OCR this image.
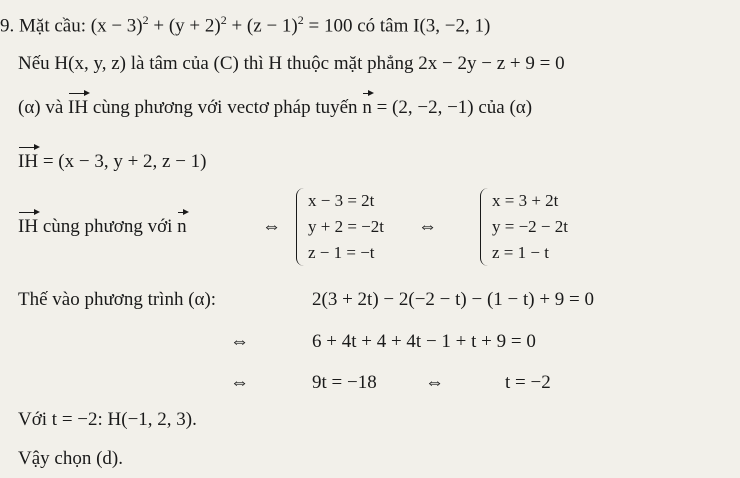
9. Mặt cầu: $(x - 3)^2 + (y + 2)^2 + (z - 1)^2 = 100$ có tâm I(3, −2, 1)
Nếu H(x, y, z) là tâm của (C) thì H thuộc mặt phẳng 2x − 2y − z + 9 = 0
(α) và IH cùng phương với vectơ pháp tuyến n = (2, −2, −1) của (α)
IH = (x − 3, y + 2, z − 1)
IH cùng phương với n	⇔
x − 3 = 2t
y + 2 = −2t
z − 1 = −t
⇔
x = 3 + 2t
y = −2 − 2t
z = 1 − t
Thế vào phương trình (α):	2(3 + 2t) − 2(−2 − t) − (1 − t) + 9 = 0
⇔	6 + 4t + 4 + 4t − 1 + t + 9 = 0
⇔	9t = −18	⇔	t = −2
Với t = −2: H(−1, 2, 3).
Vậy chọn (d).
